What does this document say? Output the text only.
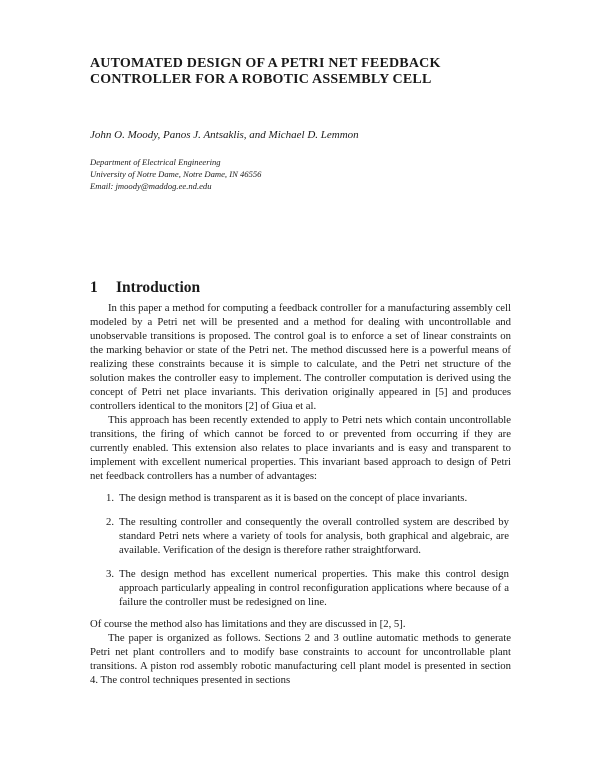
AUTOMATED DESIGN OF A PETRI NET FEEDBACK
CONTROLLER FOR A ROBOTIC ASSEMBLY CELL

John O. Moody, Panos J. Antsaklis, and Michael D. Lemmon

Department of Electrical Engineering
University of Notre Dame, Notre Dame, IN 46556
Email: jmoody@maddog.ee.nd.edu
1 Introduction

In this paper a method for computing a feedback controller for a manufacturing assembly cell modeled by a Petri net will be presented and a method for dealing with uncontrollable and unobservable transitions is proposed. The control goal is to enforce a set of linear constraints on the marking behavior or state of the Petri net. The method discussed here is a powerful means of realizing these constraints because it is simple to calculate, and the Petri net structure of the solution makes the controller easy to implement. The controller computation is derived using the concept of Petri net place invariants. This derivation originally appeared in [5] and produces controllers identical to the monitors [2] of Giua et al.

This approach has been recently extended to apply to Petri nets which contain uncontrollable transitions, the firing of which cannot be forced to or prevented from occurring if they are currently enabled. This extension also relates to place invariants and is easy and transparent to implement with excellent numerical properties. This invariant based approach to design of Petri net feedback controllers has a number of advantages:

1. The design method is transparent as it is based on the concept of place invariants.
2. The resulting controller and consequently the overall controlled system are described by standard Petri nets where a variety of tools for analysis, both graphical and algebraic, are available. Verification of the design is therefore rather straightforward.
3. The design method has excellent numerical properties. This make this control design approach particularly appealing in control reconfiguration applications where because of a failure the controller must be redesigned on line.

Of course the method also has limitations and they are discussed in [2, 5].

The paper is organized as follows. Sections 2 and 3 outline automatic methods to generate Petri net plant controllers and to modify base constraints to account for uncontrollable plant transitions. A piston rod assembly robotic manufacturing cell plant model is presented in section 4. The control techniques presented in sections
